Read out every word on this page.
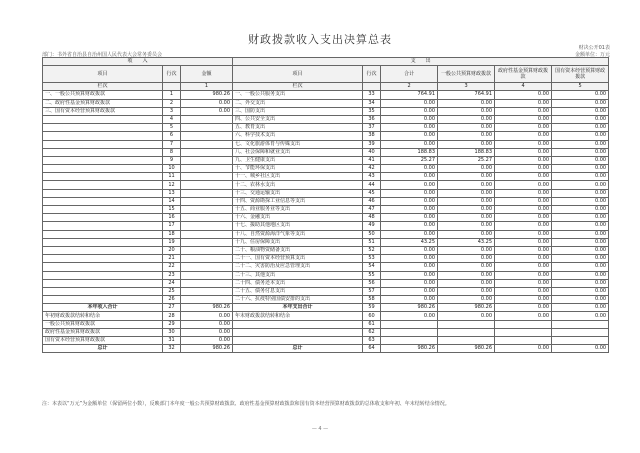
财政拨款收入支出决算总表
部门：书外省自治县自治州国人民代表大会常务委员会
财决公开01表
金额单位：万元
收　　入			支　　出					
项目	行次	金额	项目	行次	合计	一般公共预算财政拨款	政府性基金预算财政拨款	国有资本经营预算财政拨款

栏次		1	栏次		2	3	4	5
一、一般公共预算财政拨款	1	980.26	一、一般公共服务支出	33	764.91	764.91	0.00	0.00
二、政府性基金预算财政拨款	2	0.00	二、外交支出	34	0.00	0.00	0.00	0.00
三、国有资本经营预算财政拨款	3	0.00	三、国防支出	35	0.00	0.00	0.00	0.00
	4		四、公共安全支出	36	0.00	0.00	0.00	0.00
	5		五、教育支出	37	0.00	0.00	0.00	0.00
	6		六、科学技术支出	38	0.00	0.00	0.00	0.00
	7		七、文化旅游体育与传媒支出	39	0.00	0.00	0.00	0.00
	8		八、社会保障和就业支出	40	188.83	188.83	0.00	0.00
	9		九、卫生健康支出	41	25.27	25.27	0.00	0.00
	10		十、节能环保支出	42	0.00	0.00	0.00	0.00
	11		十一、城乡社区支出	43	0.00	0.00	0.00	0.00
	12		十二、农林水支出	44	0.00	0.00	0.00	0.00
	13		十三、交通运输支出	45	0.00	0.00	0.00	0.00
	14		十四、资源勘探工业信息等支出	46	0.00	0.00	0.00	0.00
	15		十五、商业服务业等支出	47	0.00	0.00	0.00	0.00
	16		十六、金融支出	48	0.00	0.00	0.00	0.00
	17		十七、援助其他地区支出	49	0.00	0.00	0.00	0.00
	18		十八、自然资源海洋气象等支出	50	0.00	0.00	0.00	0.00
	19		十九、住房保障支出	51	43.25	43.25	0.00	0.00
	20		二十、粮油物资储备支出	52	0.00	0.00	0.00	0.00
	21		二十一、国有资本经营预算支出	53	0.00	0.00	0.00	0.00
	22		二十二、灾害防治及应急管理支出	54	0.00	0.00	0.00	0.00
	23		二十三、其他支出	55	0.00	0.00	0.00	0.00
	24		二十四、债务还本支出	56	0.00	0.00	0.00	0.00
	25		二十五、债务付息支出	57	0.00	0.00	0.00	0.00
	26		二十六、抗疫特别国债安排的支出	58	0.00	0.00	0.00	0.00
本年收入合计	27	980.26	本年支出合计	59	980.26	980.26	0.00	0.00
年初财政拨款结转和结余	28	0.00	年末财政拨款结转和结余	60	0.00	0.00	0.00	0.00
一般公共预算财政拨款	29	0.00		61				
政府性基金预算财政拨款	30	0.00		62				
国有资本经营预算财政拨款	31	0.00		63				
总计	32	980.26	总计	64	980.26	980.26	0.00	0.00
注：本表以“万元”为金额单位（保留两位小数），反映部门本年度一般公共预算财政拨款、政府性基金预算财政拨款和国有资本经营预算财政拨款的总体收支和年初、年末结转结余情况。
— 4 —
